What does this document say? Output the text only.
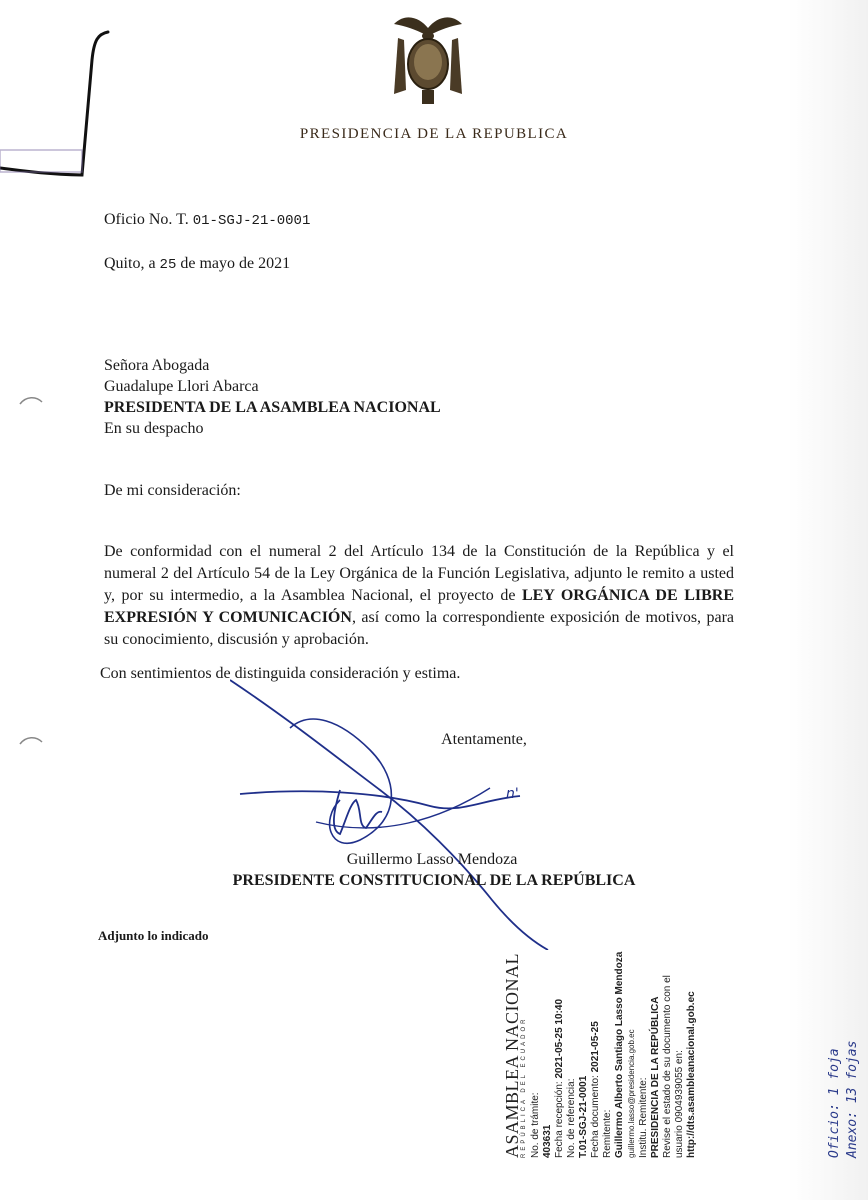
PRESIDENCIA DE LA REPUBLICA
Oficio No. T. 01-SGJ-21-0001
Quito, a 25 de mayo de 2021
Señora Abogada
Guadalupe Llori Abarca
PRESIDENTA DE LA ASAMBLEA NACIONAL
En su despacho
De mi consideración:
De conformidad con el numeral 2 del Artículo 134 de la Constitución de la República y el numeral 2 del Artículo 54 de la Ley Orgánica de la Función Legislativa, adjunto le remito a usted y, por su intermedio, a la Asamblea Nacional, el proyecto de LEY ORGÁNICA DE LIBRE EXPRESIÓN Y COMUNICACIÓN, así como la correspondiente exposición de motivos, para su conocimiento, discusión y aprobación.
Con sentimientos de distinguida consideración y estima.
Atentamente,
n'
Guillermo Lasso Mendoza
PRESIDENTE CONSTITUCIONAL DE LA REPÚBLICA
Adjunto lo indicado
ASAMBLEA NACIONAL REPÚBLICA DEL ECUADOR No. de trámite: 403631 Fecha recepción: 2021-05-25 10:40
No. de referencia: T.01-SGJ-21-0001 Fecha documento: 2021-05-25
Remitente: Guillermo Alberto Santiago Lasso Mendoza guillermo.lasso@presidencia.gob.ec Institu. Remitente: PRESIDENCIA DE LA REPÚBLICA Revise el estado de su documento con el usuario 0904939055 en: http://dts.asambleanacional.gob.ec	Oficio: 1 foja Anexo: 13 fojas
